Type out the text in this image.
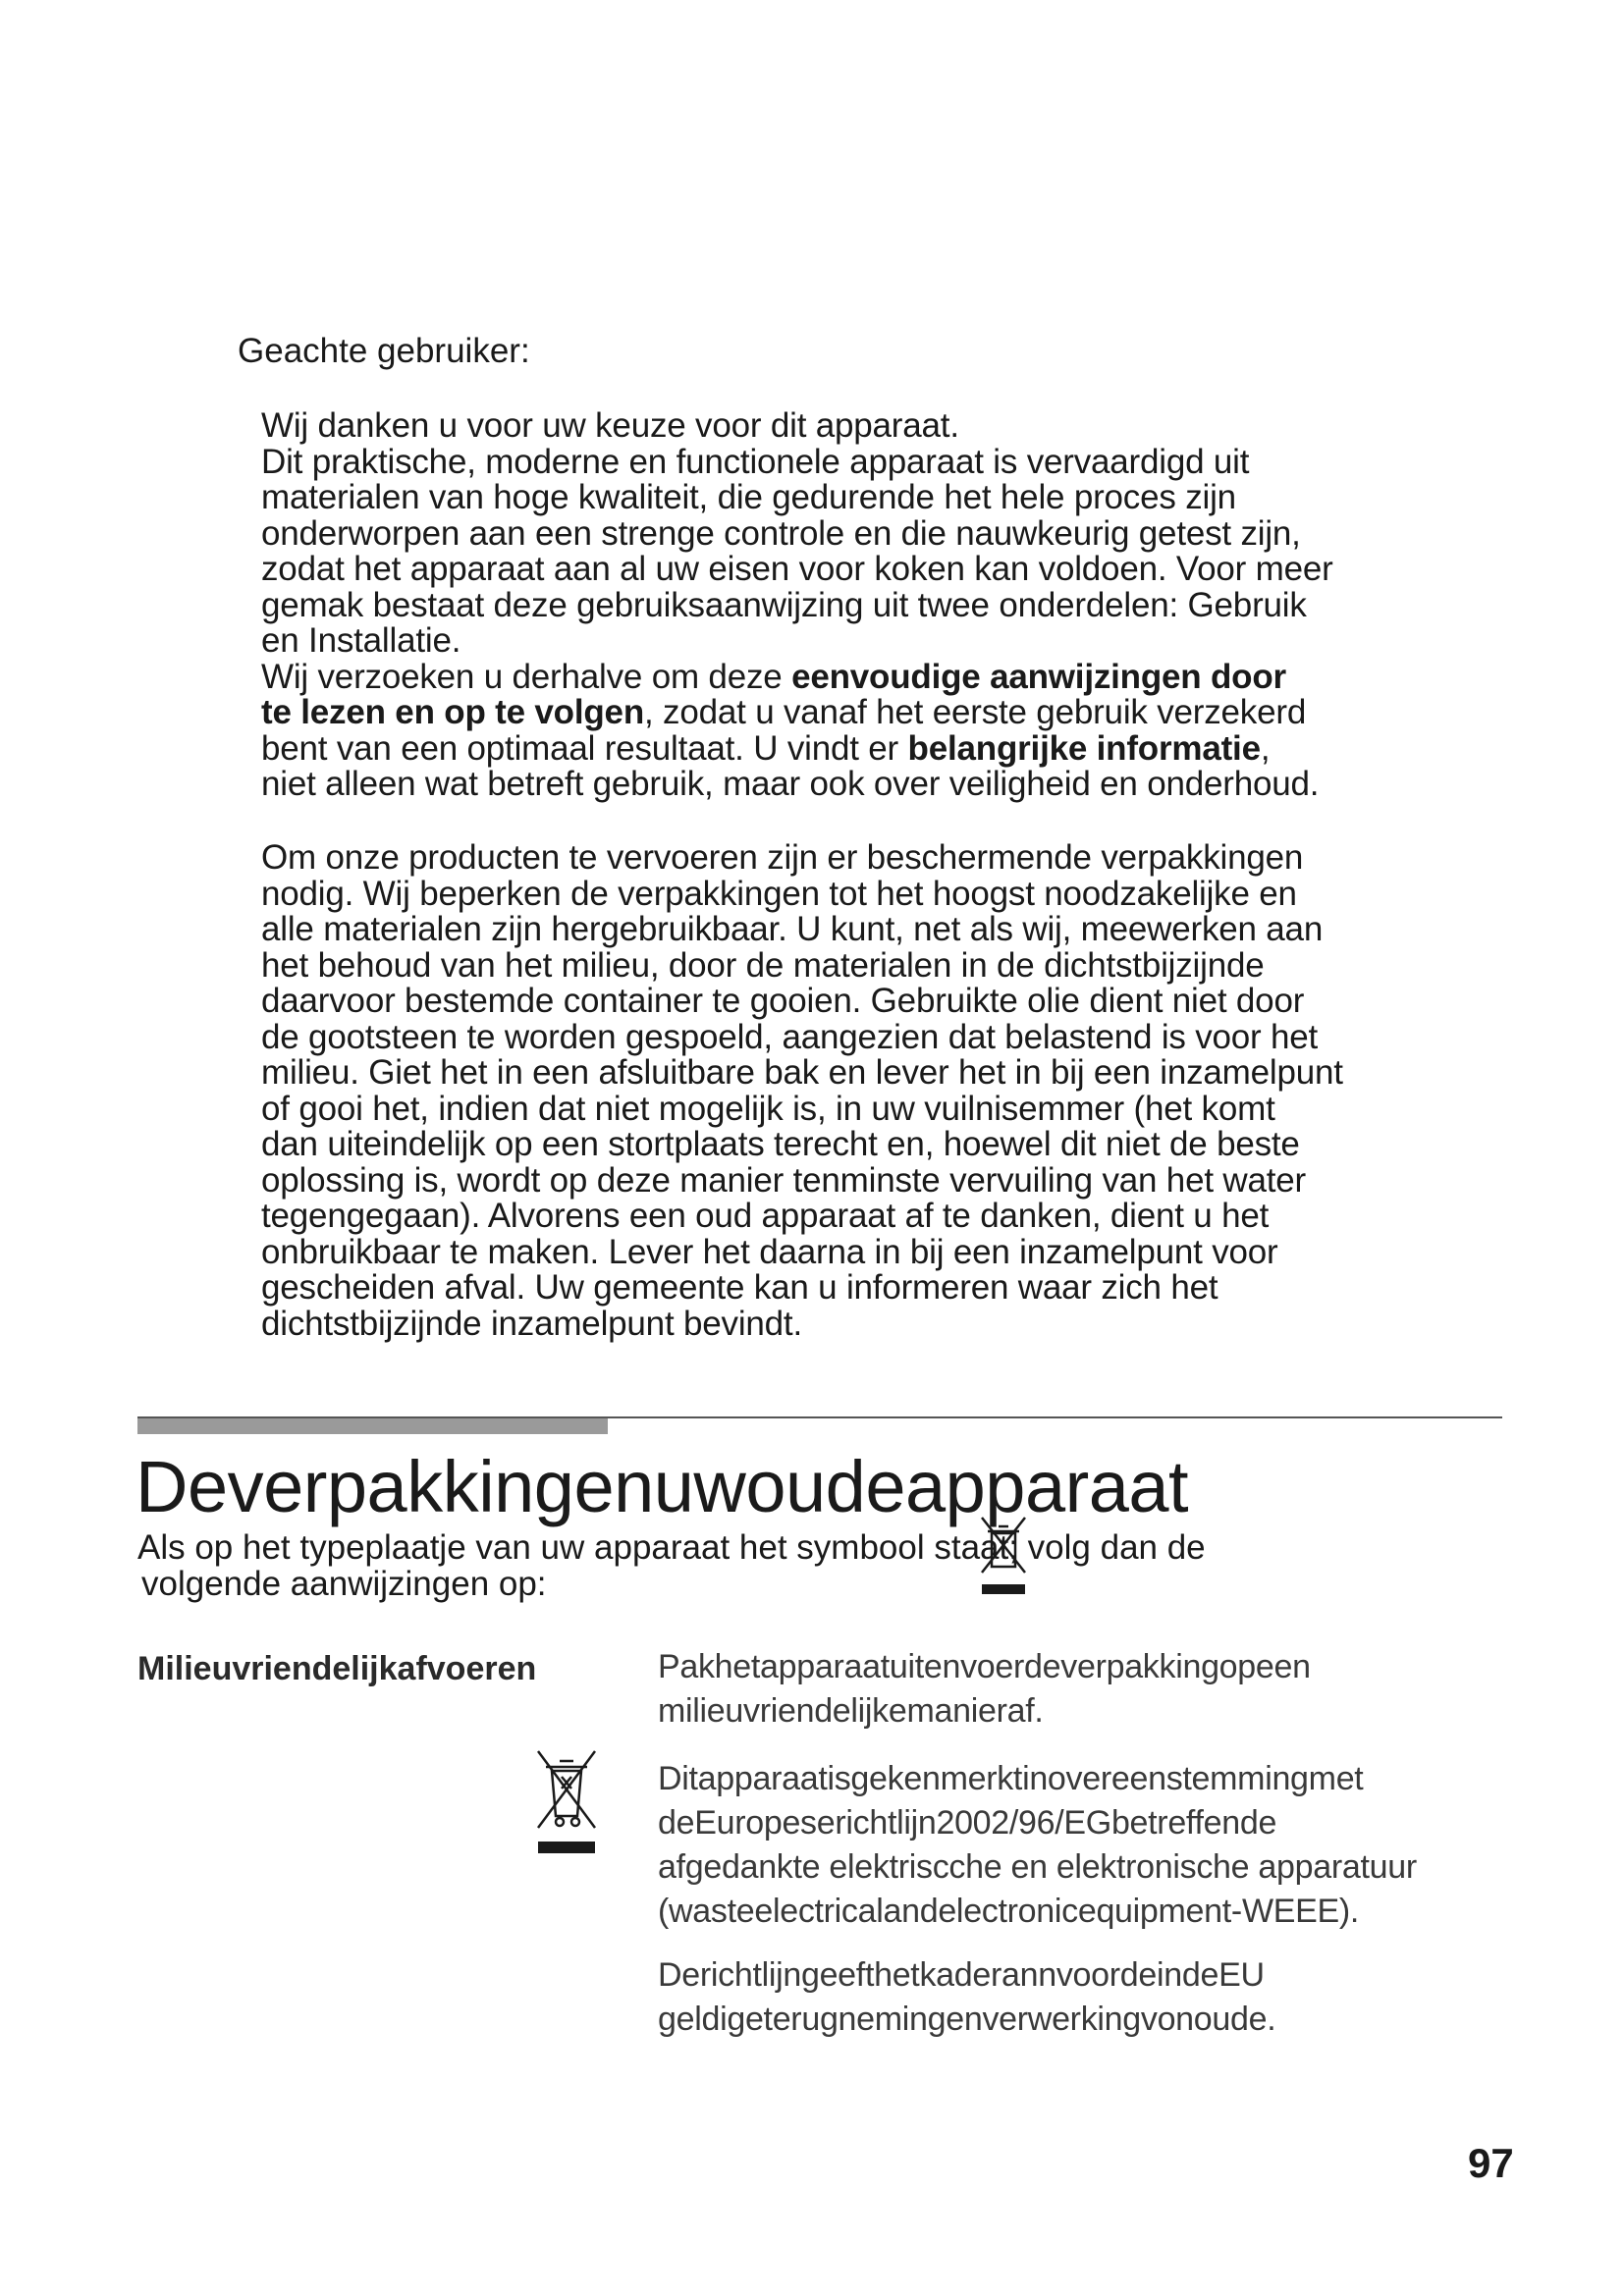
Geachte gebruiker:

Wij danken u voor uw keuze voor dit apparaat.
Dit praktische, moderne en functionele apparaat is vervaardigd uit
materialen van hoge kwaliteit, die gedurende het hele proces zijn
onderworpen aan een strenge controle en die nauwkeurig getest zijn,
zodat het apparaat aan al uw eisen voor koken kan voldoen. Voor meer
gemak bestaat deze gebruiksaanwijzing uit twee onderdelen: Gebruik
en Installatie.
Wij verzoeken u derhalve om deze eenvoudige aanwijzingen door
te lezen en op te volgen, zodat u vanaf het eerste gebruik verzekerd
bent van een optimaal resultaat. U vindt er belangrijke informatie,
niet alleen wat betreft gebruik, maar ook over veiligheid en onderhoud.
Om onze producten te vervoeren zijn er beschermende verpakkingen
nodig. Wij beperken de verpakkingen tot het hoogst noodzakelijke en
alle materialen zijn hergebruikbaar. U kunt, net als wij, meewerken aan
het behoud van het milieu, door de materialen in de dichtstbijzijnde
daarvoor bestemde container te gooien. Gebruikte olie dient niet door
de gootsteen te worden gespoeld, aangezien dat belastend is voor het
milieu. Giet het in een afsluitbare bak en lever het in bij een inzamelpunt
of gooi het, indien dat niet mogelijk is, in uw vuilnisemmer (het komt
dan uiteindelijk op een stortplaats terecht en, hoewel dit niet de beste
oplossing is, wordt op deze manier tenminste vervuiling van het water
tegengegaan). Alvorens een oud apparaat af te danken, dient u het
onbruikbaar te maken. Lever het daarna in bij een inzamelpunt voor
gescheiden afval. Uw gemeente kan u informeren waar zich het
dichtstbijzijnde inzamelpunt bevindt.
Deverpakkingenuwoudeapparaat
Als op het typeplaatje van uw apparaat het symbool staat; volg dan de
volgende aanwijzingen op:

Milieuvriendelijkafvoeren	Pakhetapparaatuitenvoerdeverpakkingopeen
milieuvriendelijkemanieraf.
Ditapparaatisgekenmerktinovereenstemmingmet
deEuropeserichtlijn2002/96/EGbetreffende
afgedankte elektriscche en elektronische apparatuur
(wasteelectricalandelectronicequipment-WEEE).
DerichtlijngeefthetkaderannvoordeindeEU
geldigeterugnemingenverwerkingvonoude.

97
